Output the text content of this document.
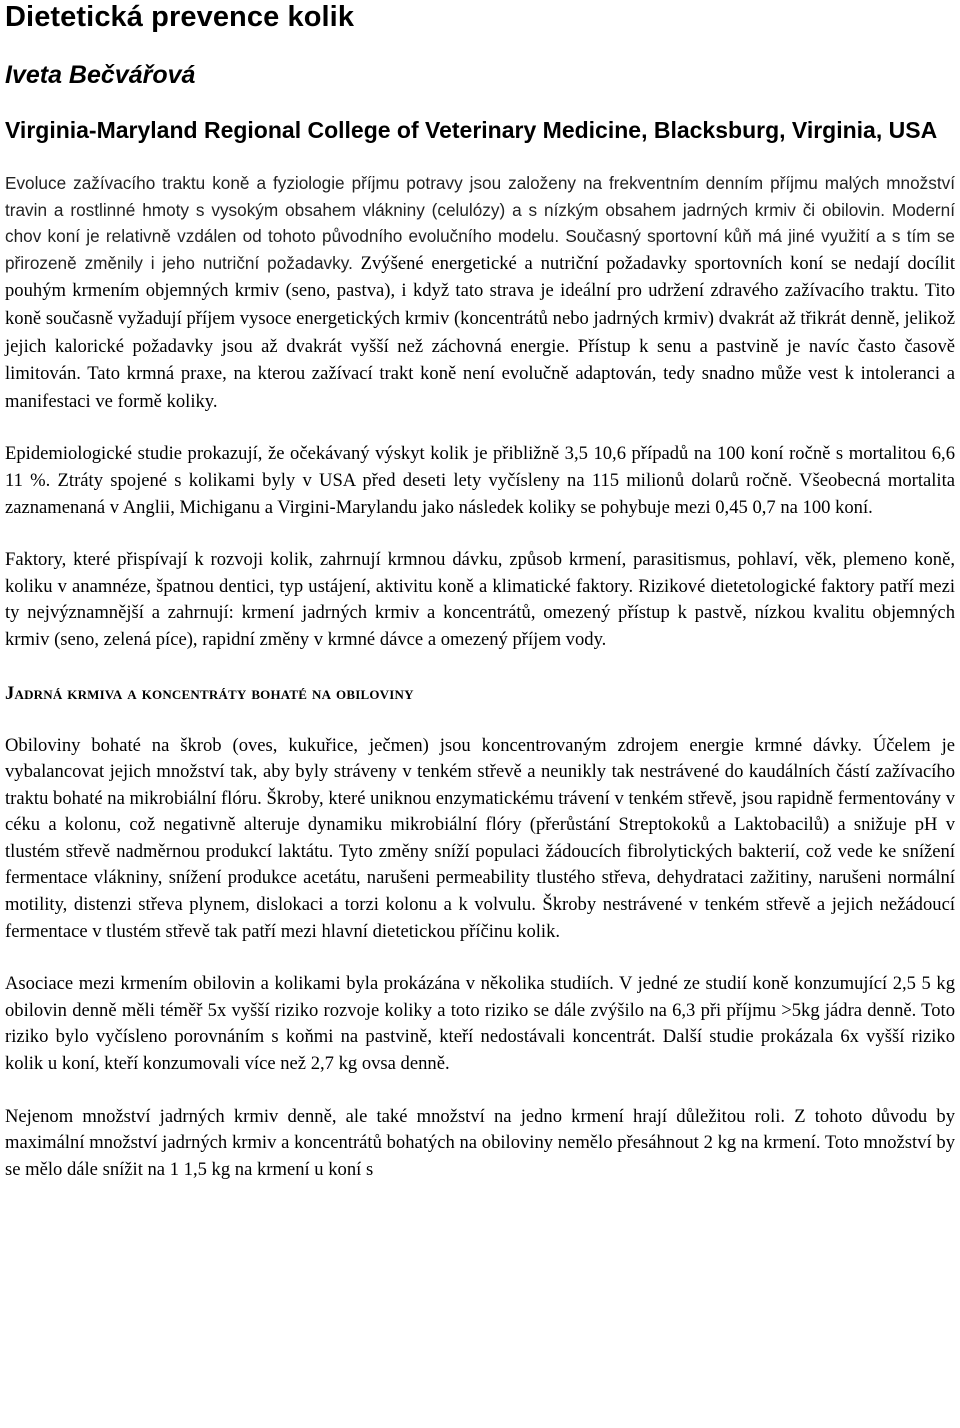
Dietetická prevence kolik
Iveta Bečvářová
Virginia-Maryland Regional College of Veterinary Medicine, Blacksburg, Virginia, USA

Evoluce zažívacího traktu koně a fyziologie příjmu potravy jsou založeny na frekventním denním příjmu malých množství travin a rostlinné hmoty s vysokým obsahem vlákniny (celulózy) a s nízkým obsahem jadrných krmiv či obilovin. Moderní chov koní je relativně vzdálen od tohoto původního evolučního modelu. Současný sportovní kůň má jiné využití a s tím se přirozeně změnily i jeho nutriční požadavky. Zvýšené energetické a nutriční požadavky sportovních koní se nedají docílit pouhým krmením objemných krmiv (seno, pastva), i když tato strava je ideální pro udržení zdravého zažívacího traktu. Tito koně současně vyžadují příjem vysoce energetických krmiv (koncentrátů nebo jadrných krmiv) dvakrát až třikrát denně, jelikož jejich kalorické požadavky jsou až dvakrát vyšší než záchovná energie. Přístup k senu a pastvině je navíc často časově limitován. Tato krmná praxe, na kterou zažívací trakt koně není evolučně adaptován, tedy snadno může vest k intoleranci a manifestaci ve formě koliky.

Epidemiologické studie prokazují, že očekávaný výskyt kolik je přibližně 3,5 10,6 případů na 100 koní ročně s mortalitou 6,6 11 %. Ztráty spojené s kolikami byly v USA před deseti lety vyčísleny na 115 milionů dolarů ročně. Všeobecná mortalita zaznamenaná v Anglii, Michiganu a Virgini-Marylandu jako následek koliky se pohybuje mezi 0,45 0,7 na 100 koní.

Faktory, které přispívají k rozvoji kolik, zahrnují krmnou dávku, způsob krmení, parasitismus, pohlaví, věk, plemeno koně, koliku v anamnéze, špatnou dentici, typ ustájení, aktivitu koně a klimatické faktory. Rizikové dietetologické faktory patří mezi ty nejvýznamnější a zahrnují: krmení jadrných krmiv a koncentrátů, omezený přístup k pastvě, nízkou kvalitu objemných krmiv (seno, zelená píce), rapidní změny v krmné dávce a omezený příjem vody.

Jadrná krmiva a koncentráty bohaté na obiloviny

Obiloviny bohaté na škrob (oves, kukuřice, ječmen) jsou koncentrovaným zdrojem energie krmné dávky. Účelem je vybalancovat jejich množství tak, aby byly stráveny v tenkém střevě a neunikly tak nestrávené do kaudálních částí zažívacího traktu bohaté na mikrobiální flóru. Škroby, které uniknou enzymatickému trávení v tenkém střevě, jsou rapidně fermentovány v céku a kolonu, což negativně alteruje dynamiku mikrobiální flóry (přerůstání Streptokoků a Laktobacilů) a snižuje pH v tlustém střevě nadměrnou produkcí laktátu. Tyto změny sníží populaci žádoucích fibrolytických bakterií, což vede ke snížení fermentace vlákniny, snížení produkce acetátu, narušeni permeability tlustého střeva, dehydrataci zažitiny, narušeni normální motility, distenzi střeva plynem, dislokaci a torzi kolonu a k volvulu. Škroby nestrávené v tenkém střevě a jejich nežádoucí fermentace v tlustém střevě tak patří mezi hlavní dietetickou příčinu kolik.

Asociace mezi krmením obilovin a kolikami byla prokázána v několika studiích. V jedné ze studií koně konzumující 2,5 5 kg obilovin denně měli téměř 5x vyšší riziko rozvoje koliky a toto riziko se dále zvýšilo na 6,3 při příjmu >5kg jádra denně. Toto riziko bylo vyčísleno porovnáním s koňmi na pastvině, kteří nedostávali koncentrát. Další studie prokázala 6x vyšší riziko kolik u koní, kteří konzumovali více než 2,7 kg ovsa denně.

Nejenom množství jadrných krmiv denně, ale také množství na jedno krmení hrají důležitou roli. Z tohoto důvodu by maximální množství jadrných krmiv a koncentrátů bohatých na obiloviny nemělo přesáhnout 2 kg na krmení. Toto množství by se mělo dále snížit na 1 1,5 kg na krmení u koní s
